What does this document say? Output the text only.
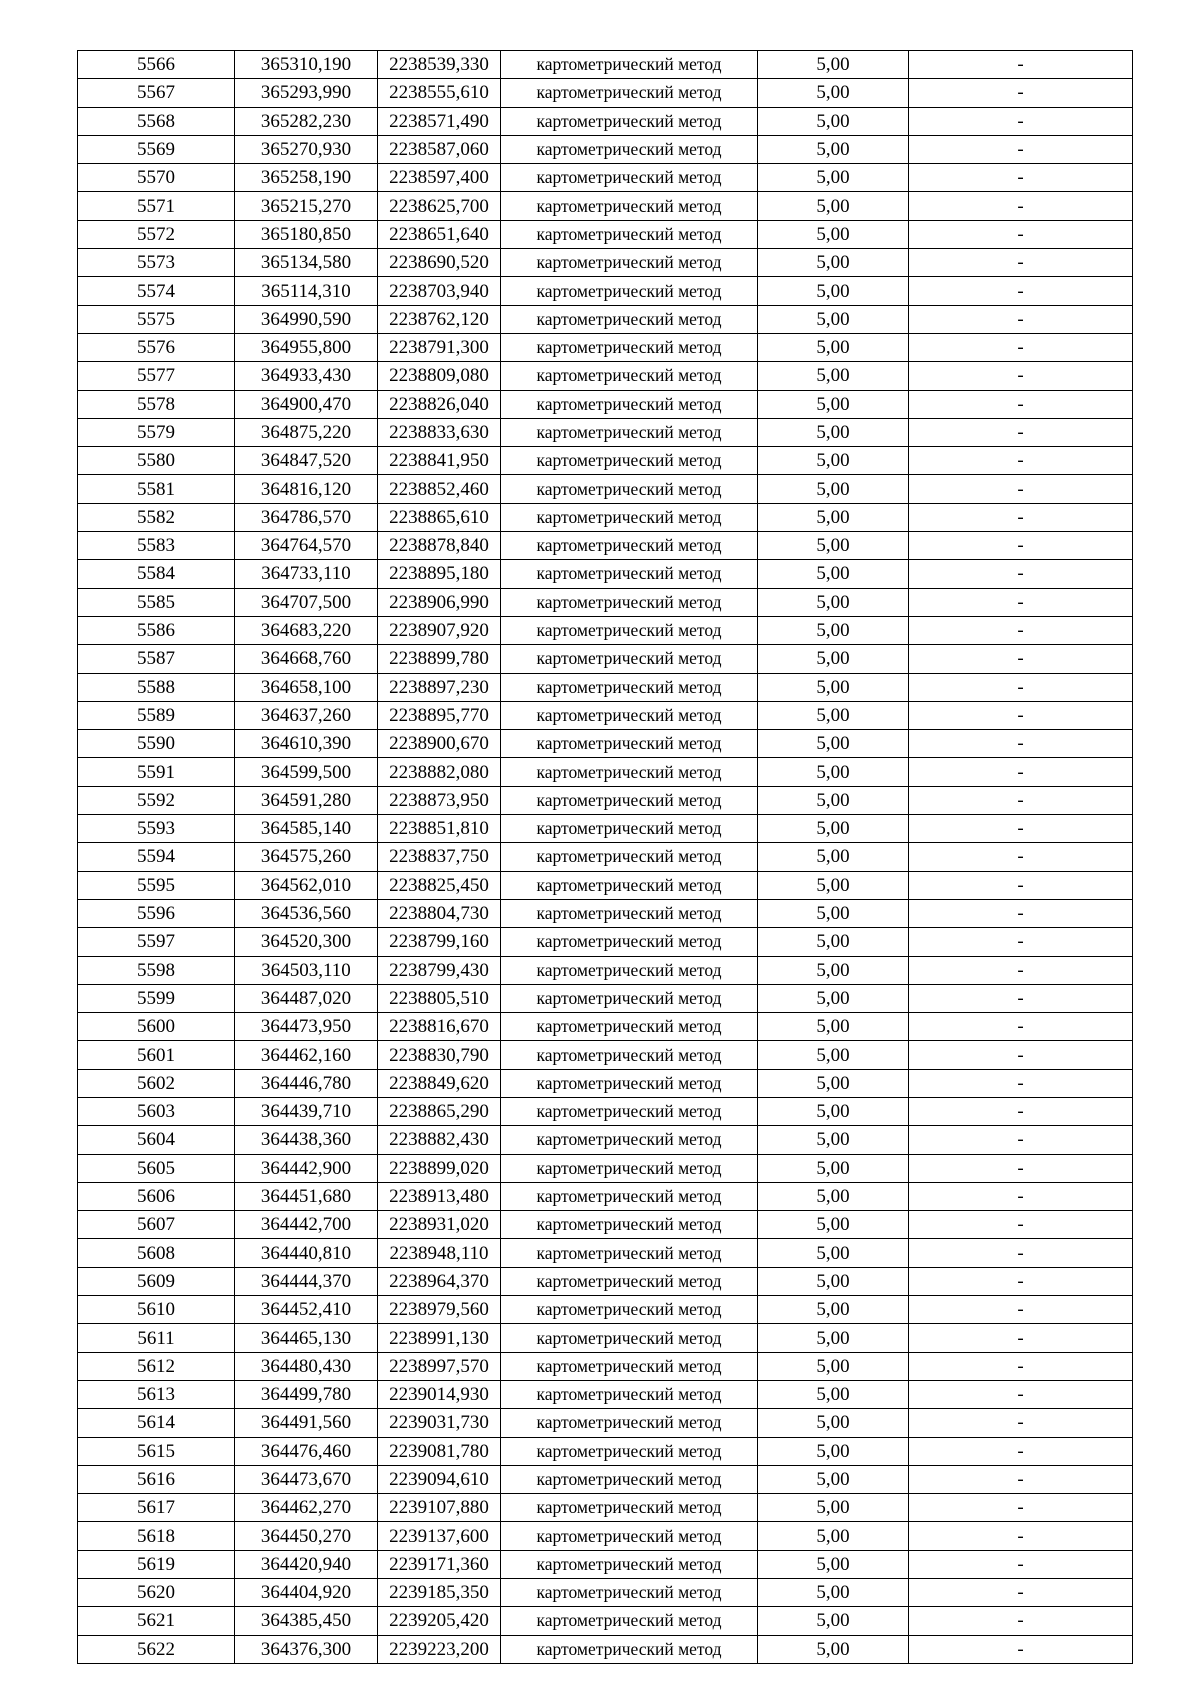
5566	365310,190	2238539,330	картометрический метод	5,00	-
5567	365293,990	2238555,610	картометрический метод	5,00	-
5568	365282,230	2238571,490	картометрический метод	5,00	-
5569	365270,930	2238587,060	картометрический метод	5,00	-
5570	365258,190	2238597,400	картометрический метод	5,00	-
5571	365215,270	2238625,700	картометрический метод	5,00	-
5572	365180,850	2238651,640	картометрический метод	5,00	-
5573	365134,580	2238690,520	картометрический метод	5,00	-
5574	365114,310	2238703,940	картометрический метод	5,00	-
5575	364990,590	2238762,120	картометрический метод	5,00	-
5576	364955,800	2238791,300	картометрический метод	5,00	-
5577	364933,430	2238809,080	картометрический метод	5,00	-
5578	364900,470	2238826,040	картометрический метод	5,00	-
5579	364875,220	2238833,630	картометрический метод	5,00	-
5580	364847,520	2238841,950	картометрический метод	5,00	-
5581	364816,120	2238852,460	картометрический метод	5,00	-
5582	364786,570	2238865,610	картометрический метод	5,00	-
5583	364764,570	2238878,840	картометрический метод	5,00	-
5584	364733,110	2238895,180	картометрический метод	5,00	-
5585	364707,500	2238906,990	картометрический метод	5,00	-
5586	364683,220	2238907,920	картометрический метод	5,00	-
5587	364668,760	2238899,780	картометрический метод	5,00	-
5588	364658,100	2238897,230	картометрический метод	5,00	-
5589	364637,260	2238895,770	картометрический метод	5,00	-
5590	364610,390	2238900,670	картометрический метод	5,00	-
5591	364599,500	2238882,080	картометрический метод	5,00	-
5592	364591,280	2238873,950	картометрический метод	5,00	-
5593	364585,140	2238851,810	картометрический метод	5,00	-
5594	364575,260	2238837,750	картометрический метод	5,00	-
5595	364562,010	2238825,450	картометрический метод	5,00	-
5596	364536,560	2238804,730	картометрический метод	5,00	-
5597	364520,300	2238799,160	картометрический метод	5,00	-
5598	364503,110	2238799,430	картометрический метод	5,00	-
5599	364487,020	2238805,510	картометрический метод	5,00	-
5600	364473,950	2238816,670	картометрический метод	5,00	-
5601	364462,160	2238830,790	картометрический метод	5,00	-
5602	364446,780	2238849,620	картометрический метод	5,00	-
5603	364439,710	2238865,290	картометрический метод	5,00	-
5604	364438,360	2238882,430	картометрический метод	5,00	-
5605	364442,900	2238899,020	картометрический метод	5,00	-
5606	364451,680	2238913,480	картометрический метод	5,00	-
5607	364442,700	2238931,020	картометрический метод	5,00	-
5608	364440,810	2238948,110	картометрический метод	5,00	-
5609	364444,370	2238964,370	картометрический метод	5,00	-
5610	364452,410	2238979,560	картометрический метод	5,00	-
5611	364465,130	2238991,130	картометрический метод	5,00	-
5612	364480,430	2238997,570	картометрический метод	5,00	-
5613	364499,780	2239014,930	картометрический метод	5,00	-
5614	364491,560	2239031,730	картометрический метод	5,00	-
5615	364476,460	2239081,780	картометрический метод	5,00	-
5616	364473,670	2239094,610	картометрический метод	5,00	-
5617	364462,270	2239107,880	картометрический метод	5,00	-
5618	364450,270	2239137,600	картометрический метод	5,00	-
5619	364420,940	2239171,360	картометрический метод	5,00	-
5620	364404,920	2239185,350	картометрический метод	5,00	-
5621	364385,450	2239205,420	картометрический метод	5,00	-
5622	364376,300	2239223,200	картометрический метод	5,00	-
